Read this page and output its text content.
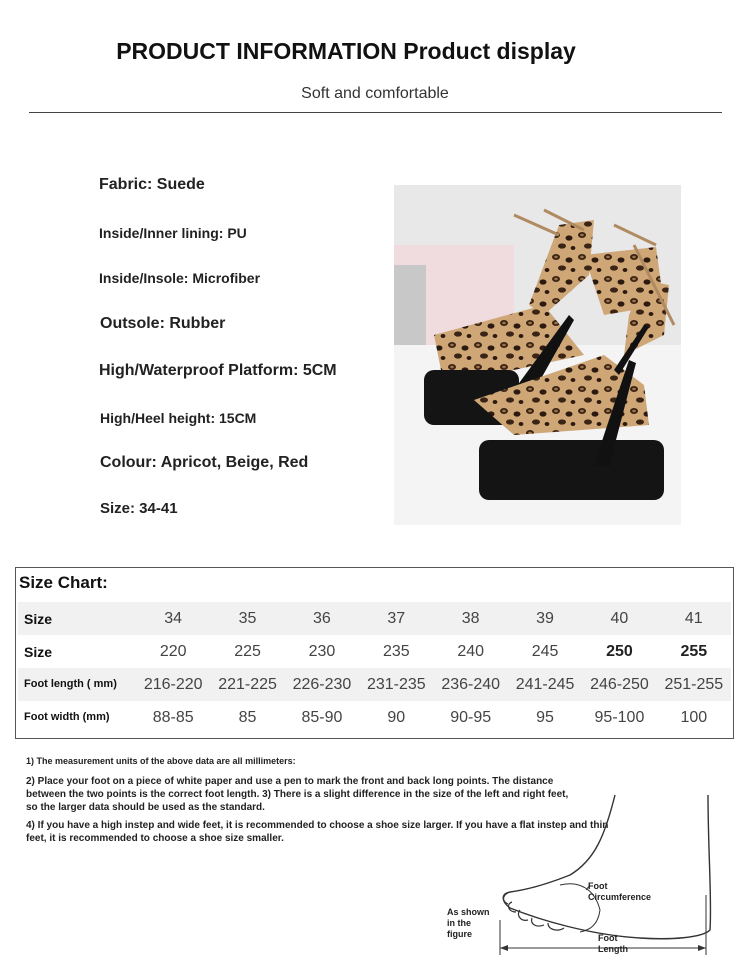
PRODUCT INFORMATION Product display
Soft and comfortable
Fabric: Suede
Inside/Inner lining: PU
Inside/Insole: Microfiber
Outsole: Rubber
High/Waterproof Platform: 5CM
High/Heel height: 15CM
Colour: Apricot, Beige, Red
Size: 34-41
Size Chart:
Size	34	35	36	37	38	39	40	41
Size	220	225	230	235	240	245	250	255
Foot length ( mm)	216-220	221-225	226-230	231-235	236-240	241-245	246-250	251-255
Foot width (mm)	88-85	85	85-90	90	90-95	95	95-100	100
1) The measurement units of the above data are all millimeters:
2) Place your foot on a piece of white paper and use a pen to mark the front and back long points. The distance between the two points is the correct foot length. 3) There is a slight difference in the size of the left and right feet, so the larger data should be used as the standard.
4) If you have a high instep and wide feet, it is recommended to choose a shoe size larger. If you have a flat instep and thin feet, it is recommended to choose a shoe size smaller.
As shown in the figure
Foot Circumference
Foot Length
